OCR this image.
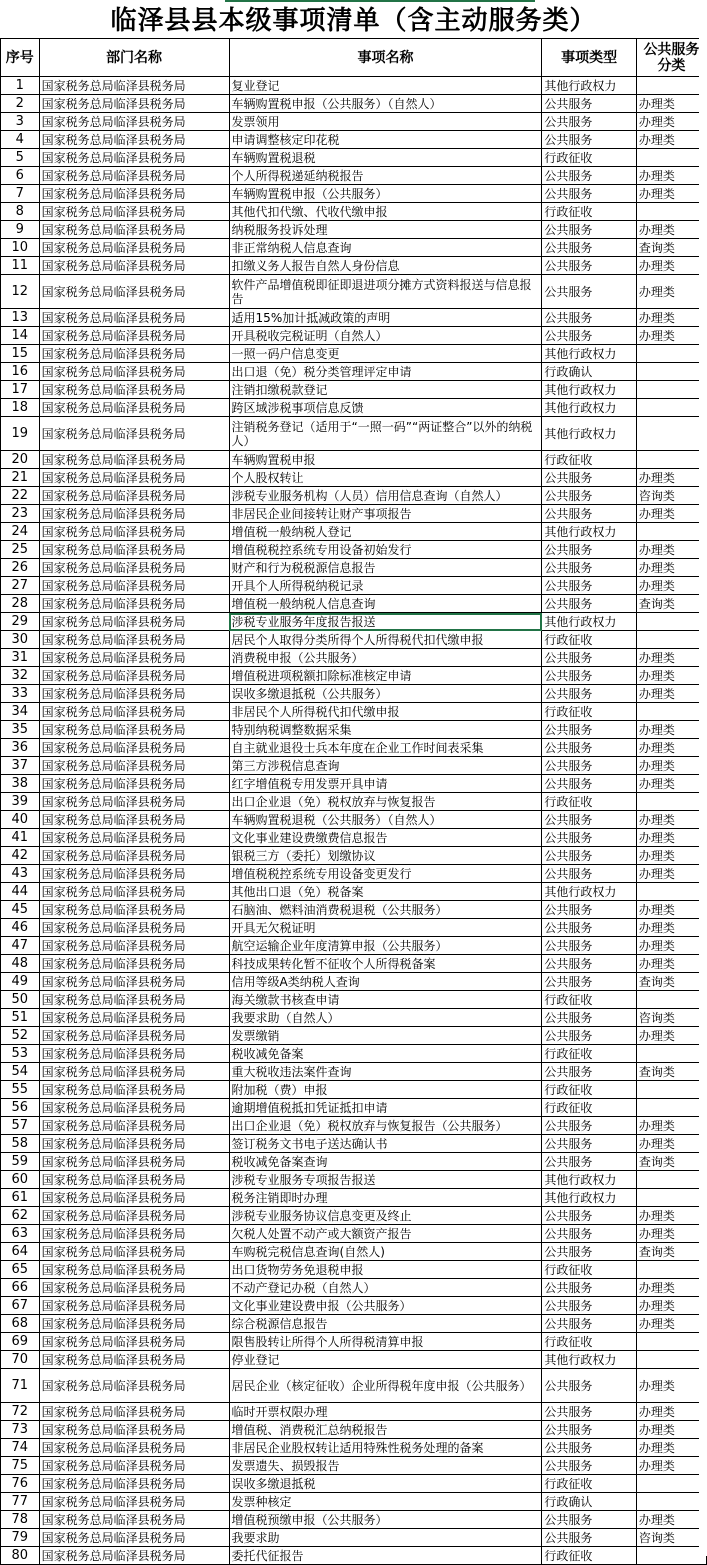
临泽县县本级事项清单（含主动服务类）
序号	部门名称	事项名称	事项类型	公共服务分类
1	国家税务总局临泽县税务局	复业登记	其他行政权力	
2	国家税务总局临泽县税务局	车辆购置税申报（公共服务）（自然人）	公共服务	办理类
3	国家税务总局临泽县税务局	发票领用	公共服务	办理类
4	国家税务总局临泽县税务局	申请调整核定印花税	公共服务	办理类
5	国家税务总局临泽县税务局	车辆购置税退税	行政征收	
6	国家税务总局临泽县税务局	个人所得税递延纳税报告	公共服务	办理类
7	国家税务总局临泽县税务局	车辆购置税申报（公共服务）	公共服务	办理类
8	国家税务总局临泽县税务局	其他代扣代缴、代收代缴申报	行政征收	
9	国家税务总局临泽县税务局	纳税服务投诉处理	公共服务	办理类
10	国家税务总局临泽县税务局	非正常纳税人信息查询	公共服务	查询类
11	国家税务总局临泽县税务局	扣缴义务人报告自然人身份信息	公共服务	办理类
12	国家税务总局临泽县税务局	软件产品增值税即征即退进项分摊方式资料报送与信息报告	公共服务	办理类
13	国家税务总局临泽县税务局	适用15%加计抵减政策的声明	公共服务	办理类
14	国家税务总局临泽县税务局	开具税收完税证明（自然人）	公共服务	办理类
15	国家税务总局临泽县税务局	一照一码户信息变更	其他行政权力	
16	国家税务总局临泽县税务局	出口退（免）税分类管理评定申请	行政确认	
17	国家税务总局临泽县税务局	注销扣缴税款登记	其他行政权力	
18	国家税务总局临泽县税务局	跨区域涉税事项信息反馈	其他行政权力	
19	国家税务总局临泽县税务局	注销税务登记（适用于“一照一码”“两证整合”以外的纳税人）	其他行政权力	
20	国家税务总局临泽县税务局	车辆购置税申报	行政征收	
21	国家税务总局临泽县税务局	个人股权转让	公共服务	办理类
22	国家税务总局临泽县税务局	涉税专业服务机构（人员）信用信息查询（自然人）	公共服务	咨询类
23	国家税务总局临泽县税务局	非居民企业间接转让财产事项报告	公共服务	办理类
24	国家税务总局临泽县税务局	增值税一般纳税人登记	其他行政权力	
25	国家税务总局临泽县税务局	增值税税控系统专用设备初始发行	公共服务	办理类
26	国家税务总局临泽县税务局	财产和行为税税源信息报告	公共服务	办理类
27	国家税务总局临泽县税务局	开具个人所得税纳税记录	公共服务	办理类
28	国家税务总局临泽县税务局	增值税一般纳税人信息查询	公共服务	查询类
29	国家税务总局临泽县税务局	涉税专业服务年度报告报送	其他行政权力	
30	国家税务总局临泽县税务局	居民个人取得分类所得个人所得税代扣代缴申报	行政征收	
31	国家税务总局临泽县税务局	消费税申报（公共服务）	公共服务	办理类
32	国家税务总局临泽县税务局	增值税进项税额扣除标准核定申请	公共服务	办理类
33	国家税务总局临泽县税务局	误收多缴退抵税（公共服务）	公共服务	办理类
34	国家税务总局临泽县税务局	非居民个人所得税代扣代缴申报	行政征收	
35	国家税务总局临泽县税务局	特别纳税调整数据采集	公共服务	办理类
36	国家税务总局临泽县税务局	自主就业退役士兵本年度在企业工作时间表采集	公共服务	办理类
37	国家税务总局临泽县税务局	第三方涉税信息查询	公共服务	办理类
38	国家税务总局临泽县税务局	红字增值税专用发票开具申请	公共服务	办理类
39	国家税务总局临泽县税务局	出口企业退（免）税权放弃与恢复报告	行政征收	
40	国家税务总局临泽县税务局	车辆购置税退税（公共服务）（自然人）	公共服务	办理类
41	国家税务总局临泽县税务局	文化事业建设费缴费信息报告	公共服务	办理类
42	国家税务总局临泽县税务局	银税三方（委托）划缴协议	公共服务	办理类
43	国家税务总局临泽县税务局	增值税税控系统专用设备变更发行	公共服务	办理类
44	国家税务总局临泽县税务局	其他出口退（免）税备案	其他行政权力	
45	国家税务总局临泽县税务局	石脑油、燃料油消费税退税（公共服务）	公共服务	办理类
46	国家税务总局临泽县税务局	开具无欠税证明	公共服务	办理类
47	国家税务总局临泽县税务局	航空运输企业年度清算申报（公共服务）	公共服务	办理类
48	国家税务总局临泽县税务局	科技成果转化暂不征收个人所得税备案	公共服务	办理类
49	国家税务总局临泽县税务局	信用等级A类纳税人查询	公共服务	查询类
50	国家税务总局临泽县税务局	海关缴款书核查申请	行政征收	
51	国家税务总局临泽县税务局	我要求助（自然人）	公共服务	咨询类
52	国家税务总局临泽县税务局	发票缴销	公共服务	办理类
53	国家税务总局临泽县税务局	税收减免备案	行政征收	
54	国家税务总局临泽县税务局	重大税收违法案件查询	公共服务	查询类
55	国家税务总局临泽县税务局	附加税（费）申报	行政征收	
56	国家税务总局临泽县税务局	逾期增值税抵扣凭证抵扣申请	行政征收	
57	国家税务总局临泽县税务局	出口企业退（免）税权放弃与恢复报告（公共服务）	公共服务	办理类
58	国家税务总局临泽县税务局	签订税务文书电子送达确认书	公共服务	办理类
59	国家税务总局临泽县税务局	税收减免备案查询	公共服务	查询类
60	国家税务总局临泽县税务局	涉税专业服务专项报告报送	其他行政权力	
61	国家税务总局临泽县税务局	税务注销即时办理	其他行政权力	
62	国家税务总局临泽县税务局	涉税专业服务协议信息变更及终止	公共服务	办理类
63	国家税务总局临泽县税务局	欠税人处置不动产或大额资产报告	公共服务	办理类
64	国家税务总局临泽县税务局	车购税完税信息查询(自然人)	公共服务	查询类
65	国家税务总局临泽县税务局	出口货物劳务免退税申报	行政征收	
66	国家税务总局临泽县税务局	不动产登记办税（自然人）	公共服务	办理类
67	国家税务总局临泽县税务局	文化事业建设费申报（公共服务）	公共服务	办理类
68	国家税务总局临泽县税务局	综合税源信息报告	公共服务	办理类
69	国家税务总局临泽县税务局	限售股转让所得个人所得税清算申报	行政征收	
70	国家税务总局临泽县税务局	停业登记	其他行政权力	
71	国家税务总局临泽县税务局	居民企业（核定征收）企业所得税年度申报（公共服务）	公共服务	办理类
72	国家税务总局临泽县税务局	临时开票权限办理	公共服务	办理类
73	国家税务总局临泽县税务局	增值税、消费税汇总纳税报告	公共服务	办理类
74	国家税务总局临泽县税务局	非居民企业股权转让适用特殊性税务处理的备案	公共服务	办理类
75	国家税务总局临泽县税务局	发票遗失、损毁报告	公共服务	办理类
76	国家税务总局临泽县税务局	误收多缴退抵税	行政征收	
77	国家税务总局临泽县税务局	发票种核定	行政确认	
78	国家税务总局临泽县税务局	增值税预缴申报（公共服务）	公共服务	办理类
79	国家税务总局临泽县税务局	我要求助	公共服务	咨询类
80	国家税务总局临泽县税务局	委托代征报告	行政征收	
